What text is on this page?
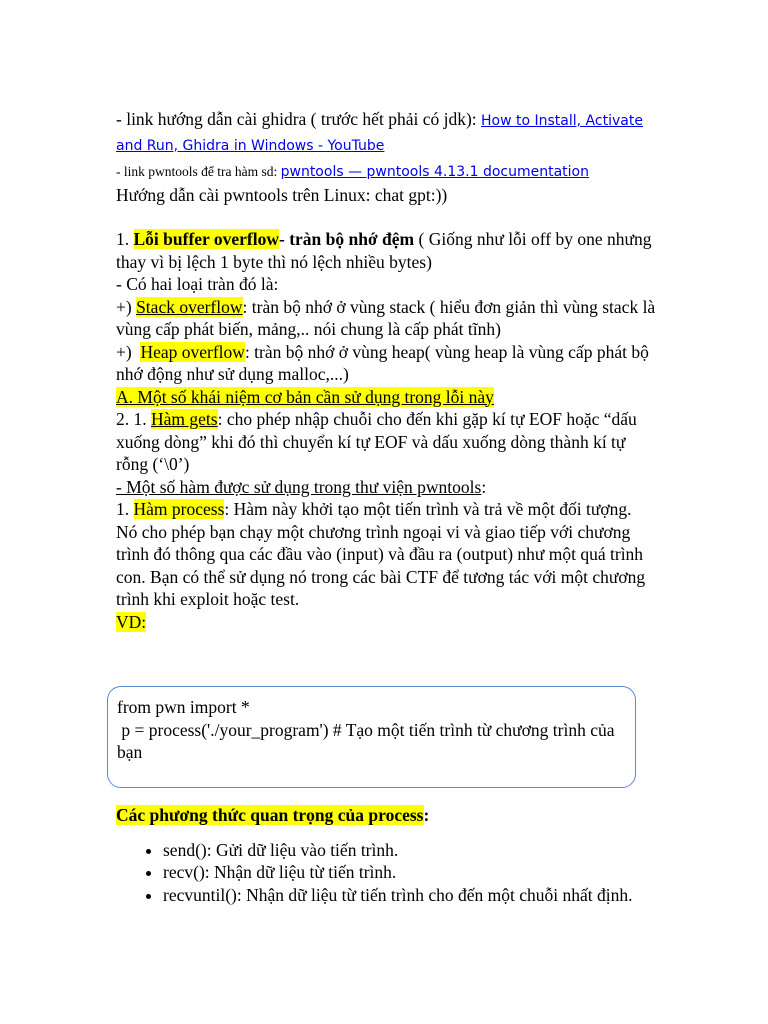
- link hướng dẫn cài ghidra ( trước hết phải có jdk): How to Install, Activate and Run, Ghidra in Windows - YouTube

- link pwntools để tra hàm sd: pwntools — pwntools 4.13.1 documentation

Hướng dẫn cài pwntools trên Linux: chat gpt:))

1. Lỗi buffer overflow- tràn bộ nhớ đệm ( Giống như lỗi off by one nhưng thay vì bị lệch 1 byte thì nó lệch nhiều bytes)

- Có hai loại tràn đó là:

+) Stack overflow: tràn bộ nhớ ở vùng stack ( hiểu đơn giản thì vùng stack là vùng cấp phát biến, mảng,.. nói chung là cấp phát tĩnh)

+)  Heap overflow: tràn bộ nhớ ở vùng heap( vùng heap là vùng cấp phát bộ nhớ động như sử dụng malloc,...)

A. Một số khái niệm cơ bản cần sử dụng trong lỗi này

2. 1. Hàm gets: cho phép nhập chuỗi cho đến khi gặp kí tự EOF hoặc “dấu xuống dòng” khi đó thì chuyển kí tự EOF và dấu xuống dòng thành kí tự rỗng (‘\0’)

- Một số hàm được sử dụng trong thư viện pwntools:

1. Hàm process: Hàm này khởi tạo một tiến trình và trả về một đối tượng. Nó cho phép bạn chạy một chương trình ngoại vi và giao tiếp với chương trình đó thông qua các đầu vào (input) và đầu ra (output) như một quá trình con. Bạn có thể sử dụng nó trong các bài CTF để tương tác với một chương trình khi exploit hoặc test.

VD:

from pwn import *

p = process('./your_program') # Tạo một tiến trình từ chương trình của bạn

Các phương thức quan trọng của process:

• send(): Gửi dữ liệu vào tiến trình.
• recv(): Nhận dữ liệu từ tiến trình.
• recvuntil(): Nhận dữ liệu từ tiến trình cho đến một chuỗi nhất định.
